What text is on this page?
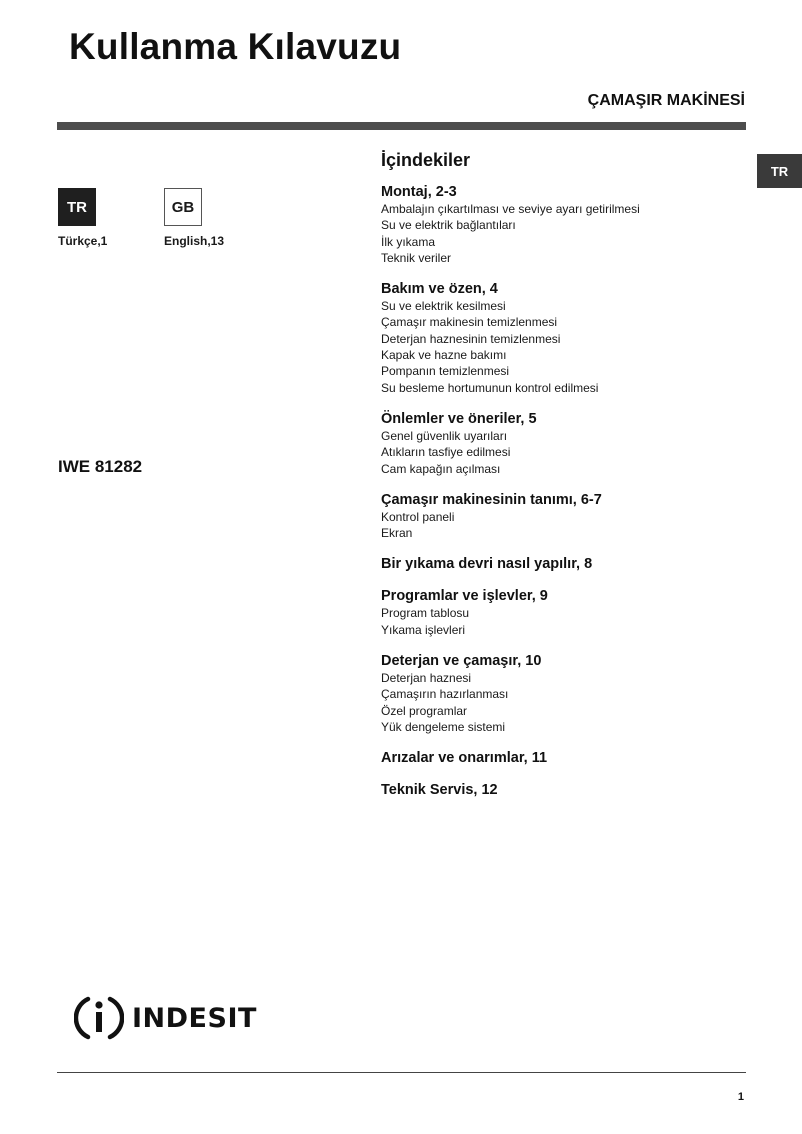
Kullanma Kılavuzu
ÇAMAŞIR MAKİNESİ
TR
TR
Türkçe,1
GB
English,13
IWE 81282
İçindekiler
Montaj, 2-3
Ambalajın çıkartılması ve seviye ayarı getirilmesi
Su ve elektrik bağlantıları
İlk yıkama
Teknik veriler
Bakım ve özen, 4
Su ve elektrik kesilmesi
Çamaşır makinesin temizlenmesi
Deterjan haznesinin temizlenmesi
Kapak ve hazne bakımı
Pompanın temizlenmesi
Su besleme hortumunun kontrol edilmesi
Önlemler ve öneriler, 5
Genel güvenlik uyarıları
Atıkların tasfiye edilmesi
Cam kapağın açılması
Çamaşır makinesinin tanımı, 6-7
Kontrol paneli
Ekran
Bir yıkama devri nasıl yapılır, 8
Programlar ve işlevler, 9
Program tablosu
Yıkama işlevleri
Deterjan ve çamaşır, 10
Deterjan haznesi
Çamaşırın hazırlanması
Özel programlar
Yük dengeleme sistemi
Arızalar ve onarımlar, 11
Teknik Servis, 12
INDESIT
1
